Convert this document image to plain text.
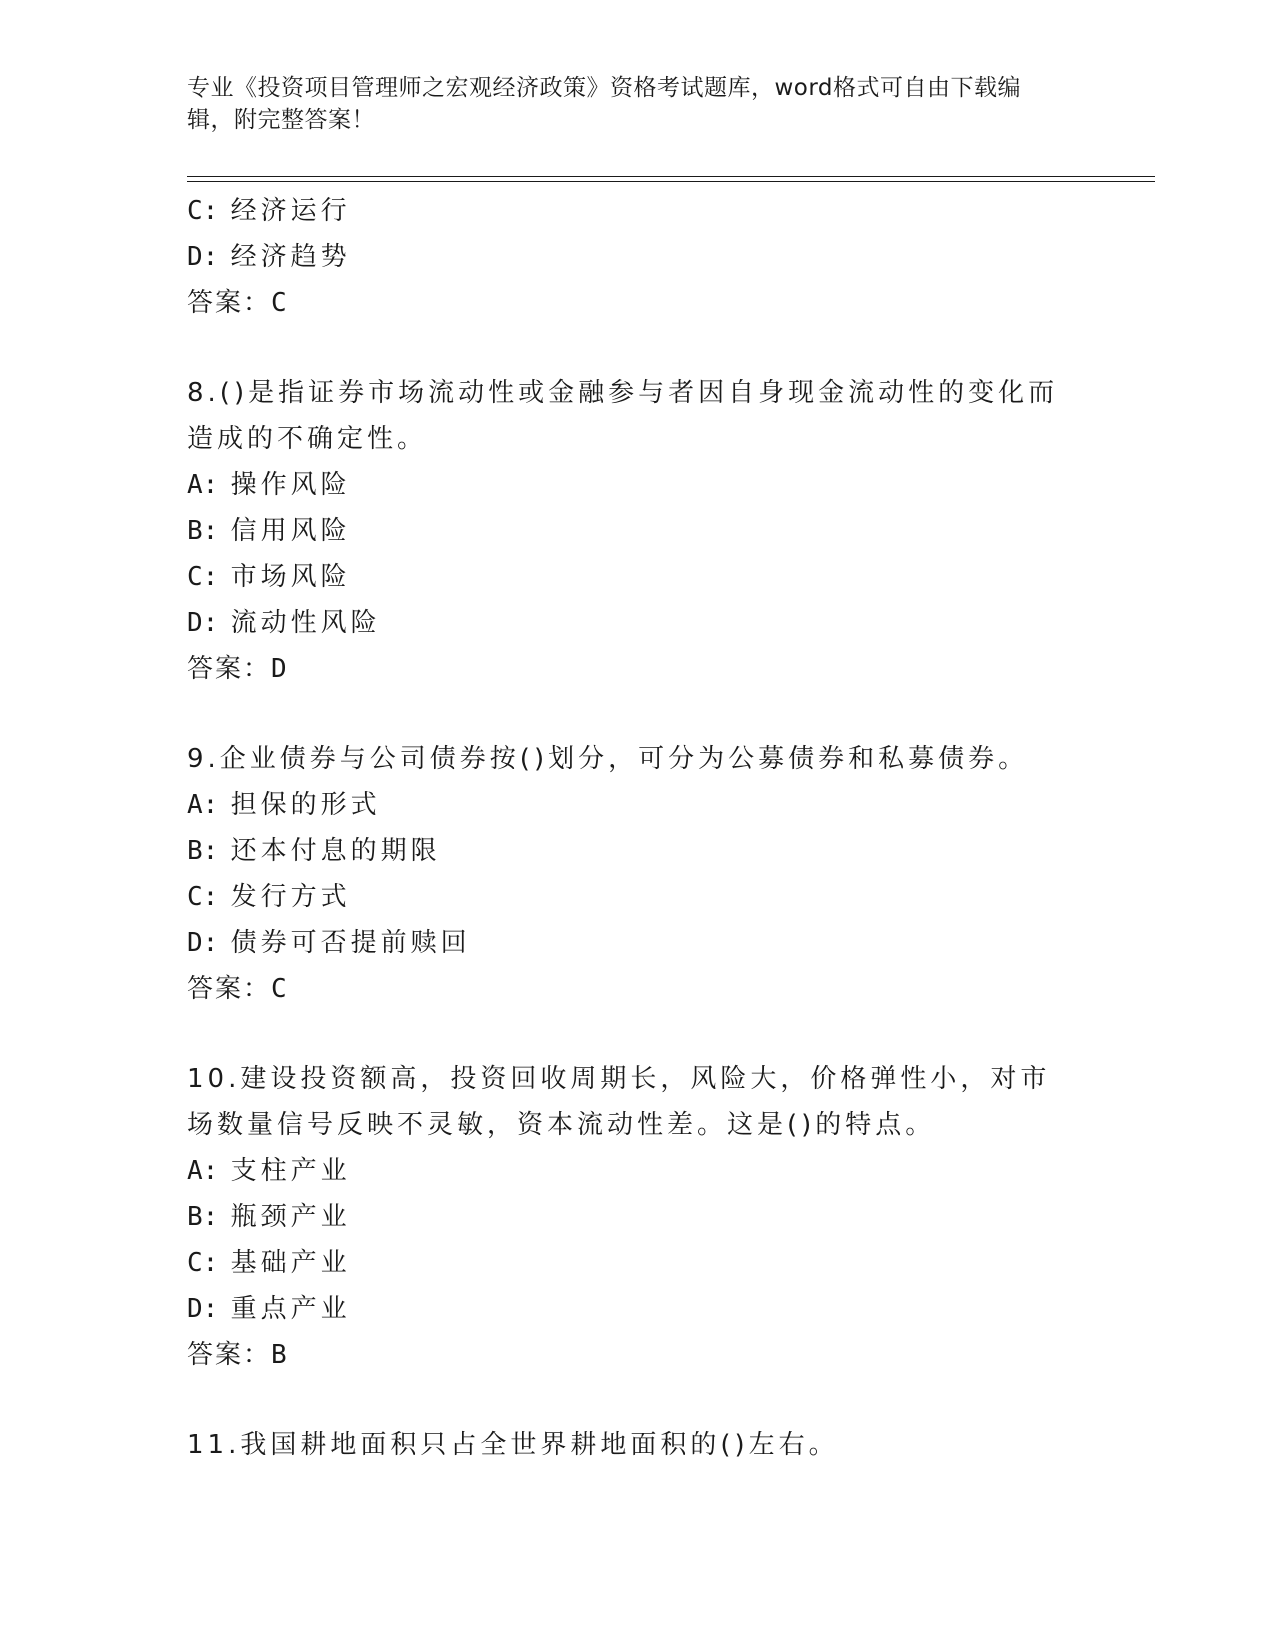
专业《投资项目管理师之宏观经济政策》资格考试题库，word格式可自由下载编辑，附完整答案！
C: 经济运行
D: 经济趋势
答案：C
8.()是指证券市场流动性或金融参与者因自身现金流动性的变化而造成的不确定性。
A: 操作风险
B: 信用风险
C: 市场风险
D: 流动性风险
答案：D
9.企业债券与公司债券按()划分，可分为公募债券和私募债券。
A: 担保的形式
B: 还本付息的期限
C: 发行方式
D: 债券可否提前赎回
答案：C
10.建设投资额高，投资回收周期长，风险大，价格弹性小，对市场数量信号反映不灵敏，资本流动性差。这是()的特点。
A: 支柱产业
B: 瓶颈产业
C: 基础产业
D: 重点产业
答案：B
11.我国耕地面积只占全世界耕地面积的()左右。
